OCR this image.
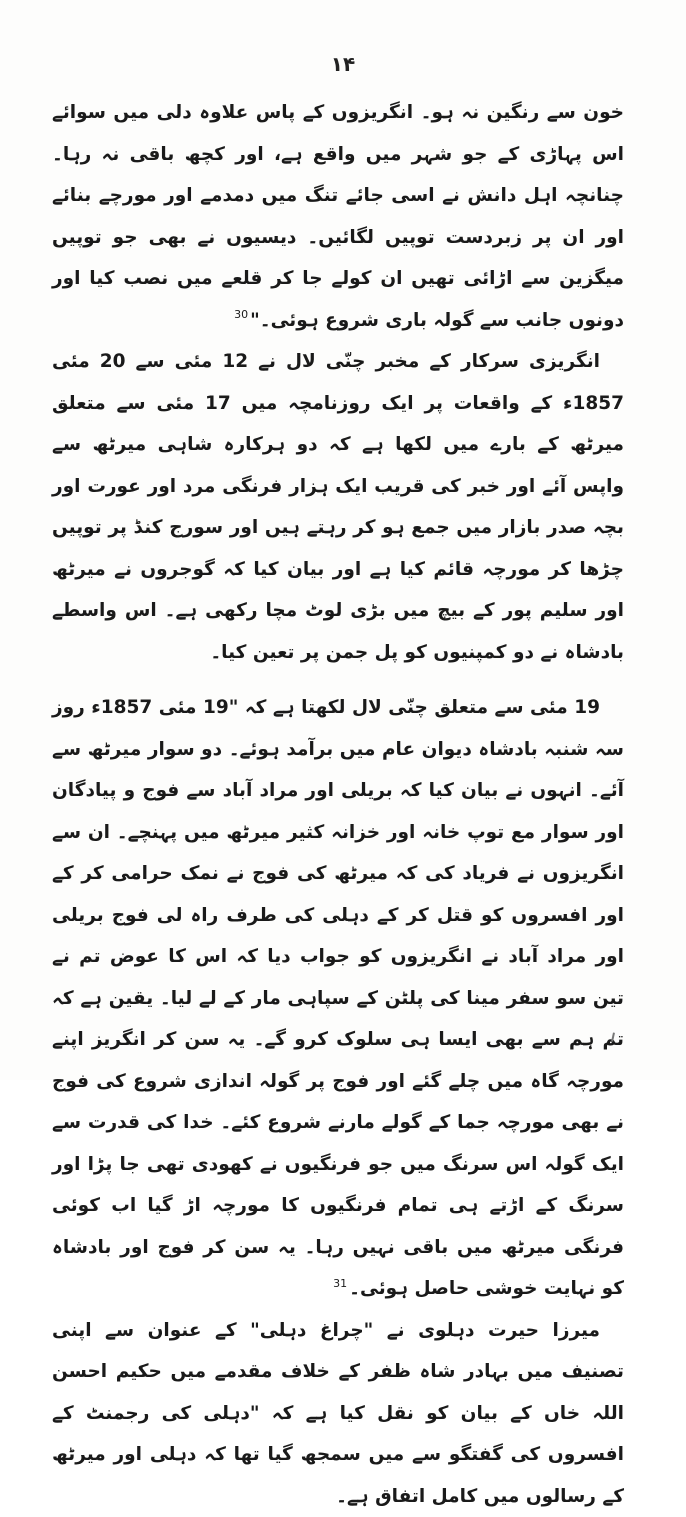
۱۴

خون سے رنگین نہ ہو۔ انگریزوں کے پاس علاوہ دلی میں سوائے اس پہاڑی کے جو شہر میں واقع ہے، اور کچھ باقی نہ رہا۔ چنانچہ اہل دانش نے اسی جائے تنگ میں دمدمے اور مورچے بنائے اور ان پر زبردست توپیں لگائیں۔ دیسیوں نے بھی جو توپیں میگزین سے اڑائی تھیں ان کولے جا کر قلعے میں نصب کیا اور دونوں جانب سے گولہ باری شروع ہوئی۔"$^{30}$

انگریزی سرکار کے مخبر چنّی لال نے 12 مئی سے 20 مئی 1857ء کے واقعات پر ایک روزنامچہ میں 17 مئی سے متعلق میرٹھ کے بارے میں لکھا ہے کہ دو ہرکارہ شاہی میرٹھ سے واپس آئے اور خبر کی قریب ایک ہزار فرنگی مرد اور عورت اور بچہ صدر بازار میں جمع ہو کر رہتے ہیں اور سورج کنڈ پر توپیں چڑھا کر مورچہ قائم کیا ہے اور بیان کیا کہ گوجروں نے میرٹھ اور سلیم پور کے بیچ میں بڑی لوٹ مچا رکھی ہے۔ اس واسطے بادشاہ نے دو کمپنیوں کو پل جمن پر تعین کیا۔

19 مئی سے متعلق چنّی لال لکھتا ہے کہ "19 مئی 1857ء روز سہ شنبہ بادشاہ دیوان عام میں برآمد ہوئے۔ دو سوار میرٹھ سے آئے۔ انہوں نے بیان کیا کہ بریلی اور مراد آباد سے فوج و پیادگان اور سوار مع توپ خانہ اور خزانہ کثیر میرٹھ میں پہنچے۔ ان سے انگریزوں نے فریاد کی کہ میرٹھ کی فوج نے نمک حرامی کر کے اور افسروں کو قتل کر کے دہلی کی طرف راہ لی فوج بریلی اور مراد آباد نے انگریزوں کو جواب دیا کہ اس کا عوض تم نے تین سو سفر مینا کی پلٹن کے سپاہی مار کے لے لیا۔ یقین ہے کہ تم ہم سے بھی ایسا ہی سلوک کرو گے۔ یہ سن کر انگریز اپنے مورچہ گاہ میں چلے گئے اور فوج پر گولہ اندازی شروع کی فوج نے بھی مورچہ جما کے گولے مارنے شروع کئے۔ خدا کی قدرت سے ایک گولہ اس سرنگ میں جو فرنگیوں نے کھودی تھی جا پڑا اور سرنگ کے اڑتے ہی تمام فرنگیوں کا مورچہ اڑ گیا اب کوئی فرنگی میرٹھ میں باقی نہیں رہا۔ یہ سن کر فوج اور بادشاہ کو نہایت خوشی حاصل ہوئی۔$^{31}$

میرزا حیرت دہلوی نے "چراغ دہلی" کے عنوان سے اپنی تصنیف میں بہادر شاہ ظفر کے خلاف مقدمے میں حکیم احسن اللہ خاں کے بیان کو نقل کیا ہے کہ "دہلی کی رجمنٹ کے افسروں کی گفتگو سے میں سمجھ گیا تھا کہ دہلی اور میرٹھ کے رسالوں میں کامل اتفاق ہے۔
